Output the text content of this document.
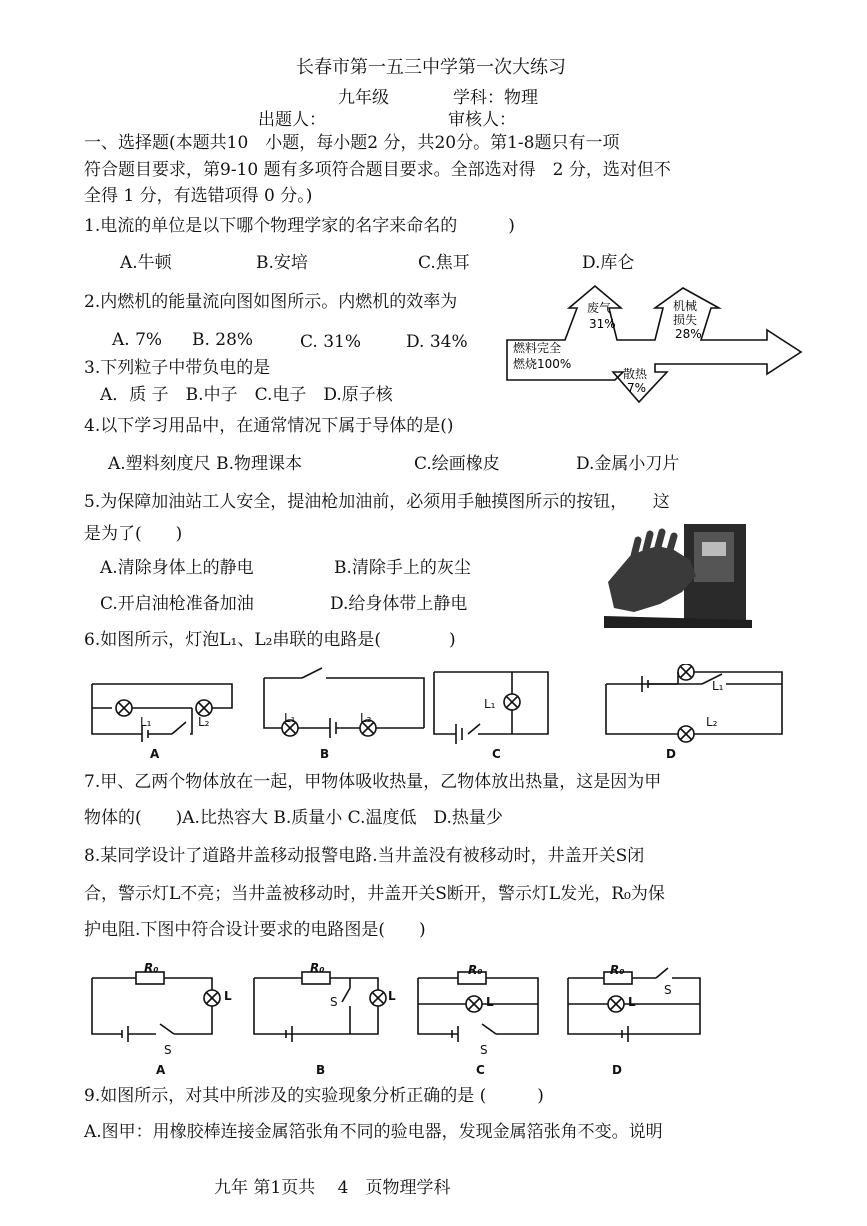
长春市第一五三中学第一次大练习
九年级	学科：物理
出题人：	审核人：
一、选择题(本题共10　小题，每小题2 分，共20分。第1-8题只有一项
符合题目要求，第9-10 题有多项符合题目要求。全部选对得　2 分，选对但不
全得 1 分，有选错项得 0 分。)
1.电流的单位是以下哪个物理学家的名字来命名的　　　)
A.牛顿	B.安培	C.焦耳	D.库仑
2.内燃机的能量流向图如图所示。内燃机的效率为
A. 7% B. 28%	C. 31%	D. 34%	燃料完全
燃烧100%
废气
31%
机械
损失
28%
散热
7%
3.下列粒子中带负电的是
A．质 子　B.中子　C.电子　D.原子核
4.以下学习用品中，在通常情况下属于导体的是()
A.塑料刻度尺 B.物理课本	C.绘画橡皮	D.金属小刀片
5.为保障加油站工人安全，提油枪加油前，必须用手触摸图所示的按钮，　　这
是为了(　　)
A.清除身体上的静电	B.清除手上的灰尘
C.开启油枪准备加油	D.给身体带上静电
6.如图所示，灯泡L₁、L₂串联的电路是(　　　　)
L₁	L₂	L₁	L₂
L₁
L₁
L₂
A	B	C	D
7.甲、乙两个物体放在一起，甲物体吸收热量，乙物体放出热量，这是因为甲
物体的(　　)A.比热容大 B.质量小 C.温度低　D.热量少
8.某同学设计了道路井盖移动报警电路.当井盖没有被移动时，井盖开关S闭
合，警示灯L不亮；当井盖被移动时，井盖开关S断开，警示灯L发光，R₀为保
护电阻.下图中符合设计要求的电路图是(　　)
R₀
L
S
R₀
S	L
R₀
L
S
R₀
S
L
A	B	C	D
9.如图所示，对其中所涉及的实验现象分析正确的是 (　　　)
A.图甲：用橡胶棒连接金属箔张角不同的验电器，发现金属箔张角不变。说明
九年 第1页共　 4　页物理学科
